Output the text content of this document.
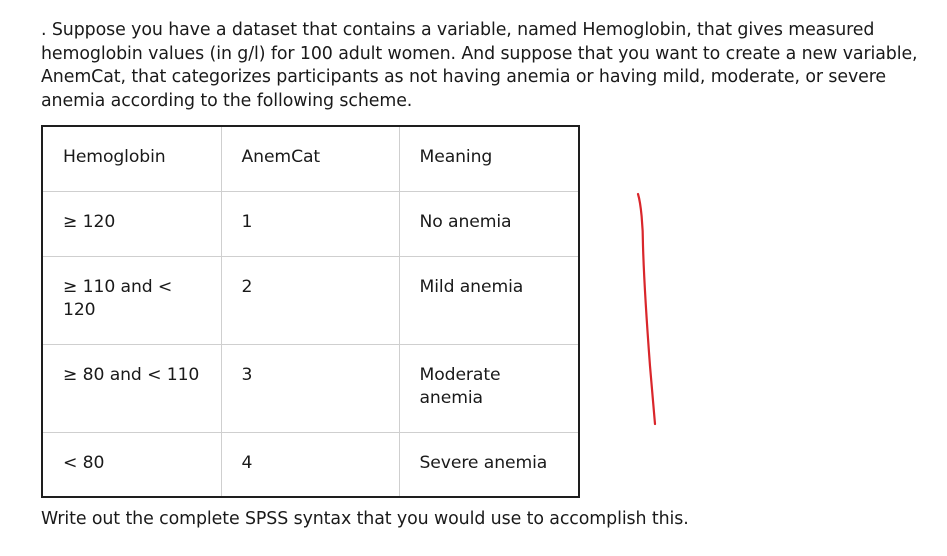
. Suppose you have a dataset that contains a variable, named Hemoglobin, that gives measured hemoglobin values (in g/l) for 100 adult women. And suppose that you want to create a new variable, AnemCat, that categorizes participants as not having anemia or having mild, moderate, or severe anemia according to the following scheme.

Hemoglobin	AnemCat	Meaning
≥ 120	1	No anemia
≥ 110 and < 120	2	Mild anemia
≥ 80 and < 110	3	Moderate anemia
< 80	4	Severe anemia

Write out the complete SPSS syntax that you would use to accomplish this.
